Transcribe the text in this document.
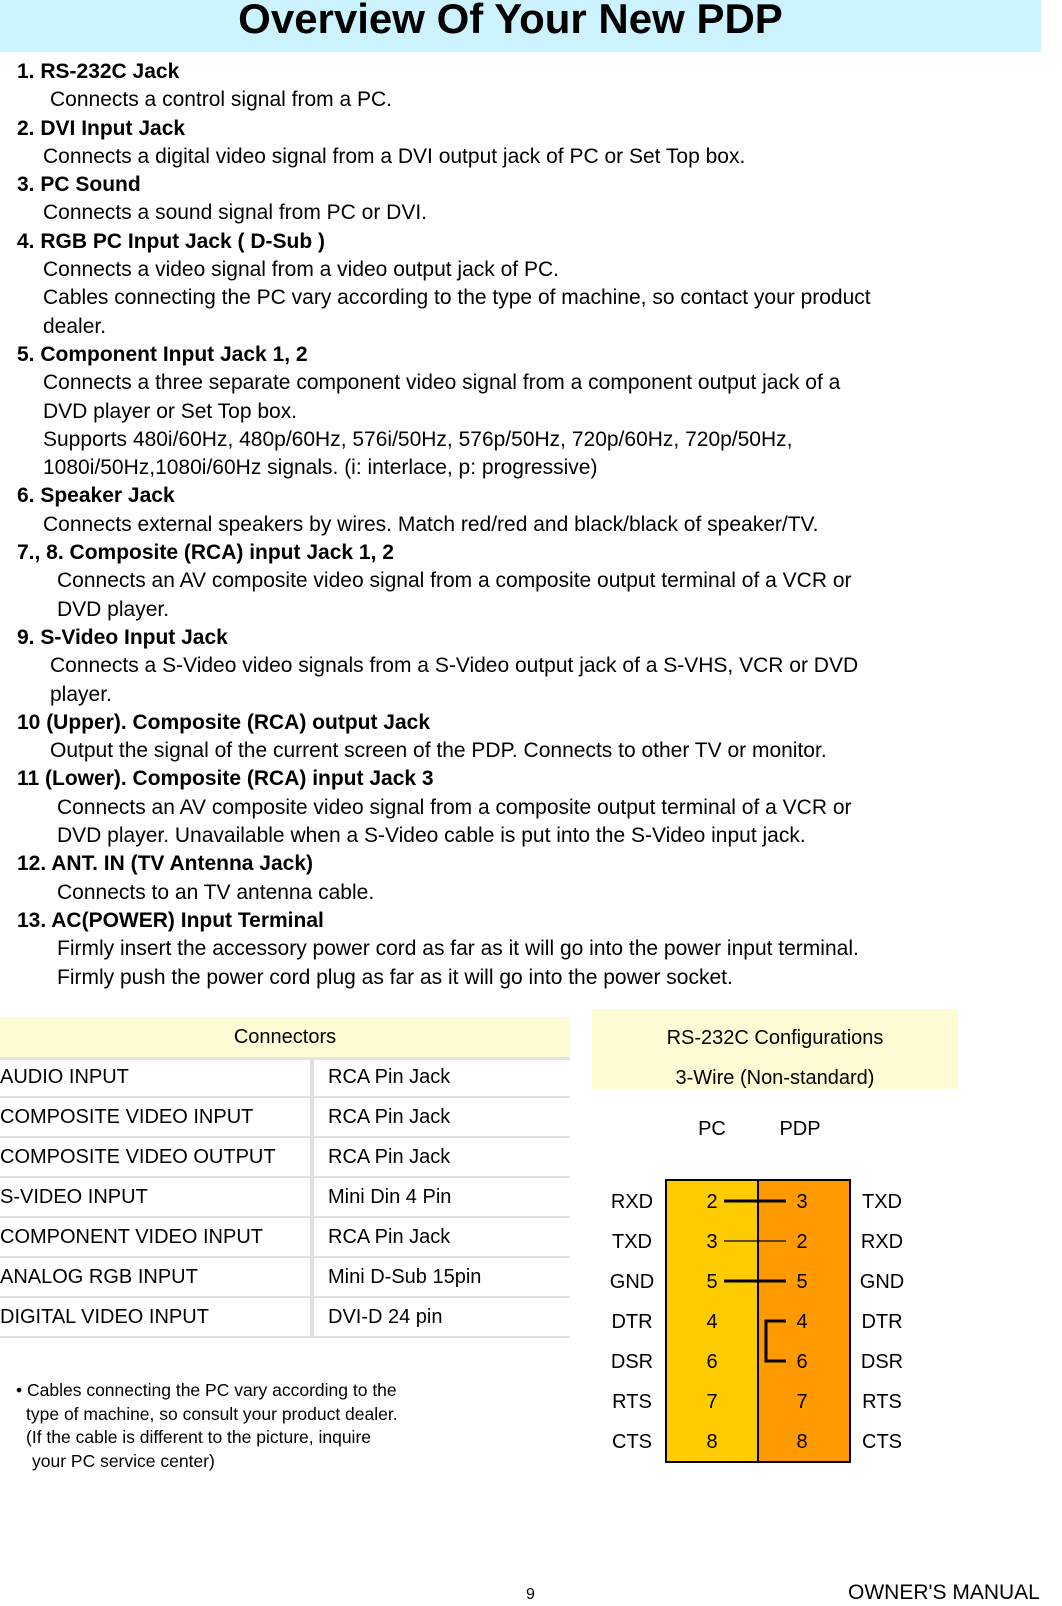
Overview Of Your New PDP
1. RS-232C Jack
Connects a control signal from a PC.
2. DVI Input Jack
Connects a digital video signal from a DVI output jack of PC or Set Top box.
3. PC Sound
Connects a sound signal from PC or DVI.
4. RGB PC Input Jack ( D-Sub )
Connects a video signal from a video output jack of PC.
Cables connecting the PC vary according to the type of machine, so contact your product
dealer.
5. Component Input Jack 1, 2
Connects a three separate component video signal from a component output jack of a
DVD player or Set Top box.
Supports 480i/60Hz, 480p/60Hz, 576i/50Hz, 576p/50Hz, 720p/60Hz, 720p/50Hz,
1080i/50Hz,1080i/60Hz signals. (i: interlace, p: progressive)
6. Speaker Jack
Connects external speakers by wires. Match red/red and black/black of speaker/TV.
7., 8. Composite (RCA) input Jack 1, 2
Connects an AV composite video signal from a composite output terminal of a VCR or
DVD player.
9. S-Video Input Jack
Connects a S-Video video signals from a S-Video output jack of a S-VHS, VCR or DVD
player.
10 (Upper). Composite (RCA) output Jack
Output the signal of the current screen of the PDP. Connects to other TV or monitor.
11 (Lower). Composite (RCA) input Jack 3
Connects an AV composite video signal from a composite output terminal of a VCR or
DVD player. Unavailable when a S-Video cable is put into the S-Video input jack.
12. ANT. IN (TV Antenna Jack)
Connects to an TV antenna cable.
13. AC(POWER) Input Terminal
Firmly insert the accessory power cord as far as it will go into the power input terminal.
Firmly push the power cord plug as far as it will go into the power socket.
Connectors
AUDIO INPUT	RCA Pin Jack
COMPOSITE VIDEO INPUT	RCA Pin Jack
COMPOSITE VIDEO OUTPUT	RCA Pin Jack
S-VIDEO INPUT	Mini Din 4 Pin
COMPONENT VIDEO INPUT	RCA Pin Jack
ANALOG RGB INPUT	Mini D-Sub 15pin
DIGITAL VIDEO INPUT	DVI-D 24 pin
• Cables connecting the PC vary according to the
type of machine, so consult your product dealer.
(If the cable is different to the picture, inquire
your PC service center)
RS-232C Configurations
3-Wire (Non-standard)
PC	PDP
RXD	2	3	TXD
TXD	3	2	RXD
GND	5	5	GND
DTR	4	4	DTR
DSR	6	6	DSR
RTS	7	7	RTS
CTS	8	8	CTS
9	OWNER'S MANUAL
